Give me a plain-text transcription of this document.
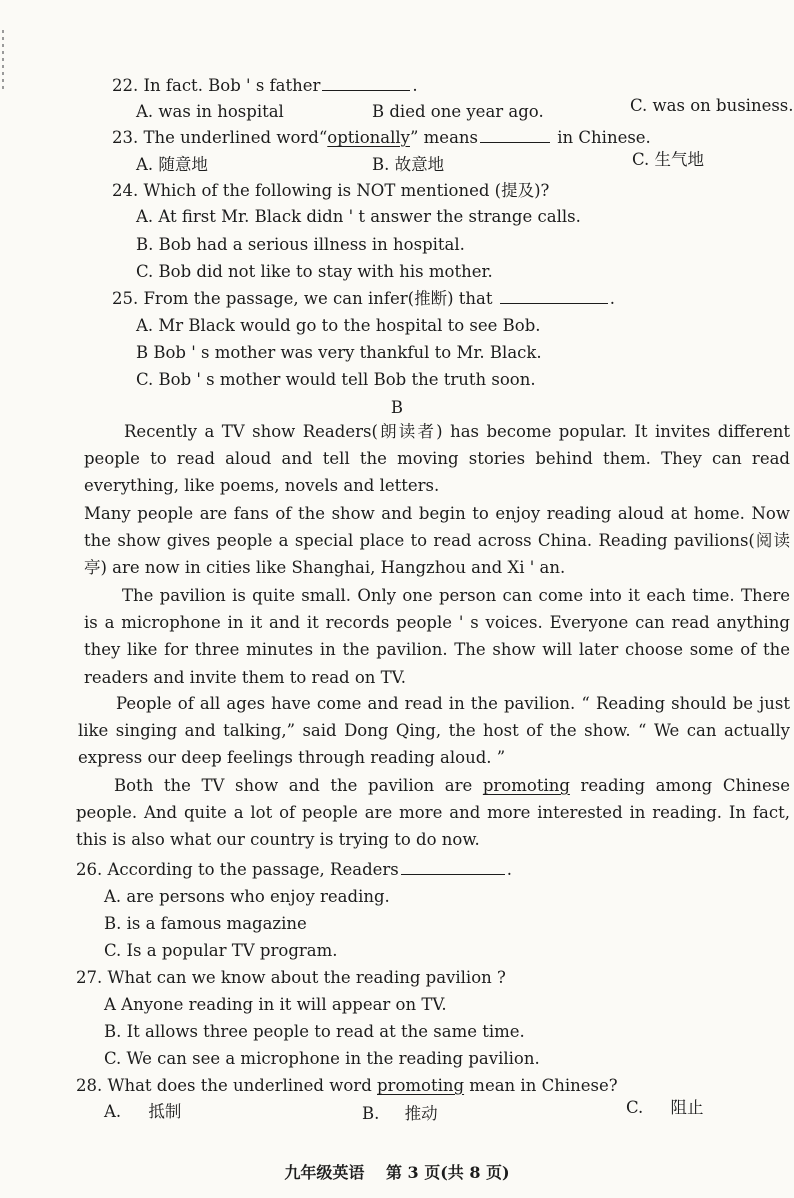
22. In fact. Bob ' s father	.
A. was in hospital	B died one year ago.	C. was on business.
23. The underlined word“optionally” means	in Chinese.
A. 随意地	B. 故意地	C. 生气地
24. Which of the following is NOT mentioned (提及)?
A. At first Mr. Black didn ' t answer the strange calls.
B. Bob had a serious illness in hospital.
C. Bob did not like to stay with his mother.
25. From the passage, we can infer(推断) that	.
A. Mr Black would go to the hospital to see Bob.
B Bob ' s mother was very thankful to Mr. Black.
C. Bob ' s mother would tell Bob the truth soon.
B
Recently a TV show Readers(朗读者) has become popular. It invites different people to read aloud and tell the moving stories behind them. They can read everything, like poems, novels and letters.
Many people are fans of the show and begin to enjoy reading aloud at home. Now the show gives people a special place to read across China. Reading pavilions(阅读亭) are now in cities like Shanghai, Hangzhou and Xi ' an.
The pavilion is quite small. Only one person can come into it each time. There is a microphone in it and it records people ' s voices. Everyone can read anything they like for three minutes in the pavilion. The show will later choose some of the readers and invite them to read on TV.
People of all ages have come and read in the pavilion. “ Reading should be just like singing and talking,” said Dong Qing, the host of the show. “ We can actually express our deep feelings through reading aloud. ”
Both the TV show and the pavilion are promoting reading among Chinese people. And quite a lot of people are more and more interested in reading. In fact, this is also what our country is trying to do now.
26. According to the passage, Readers	.
A. are persons who enjoy reading.
B. is a famous magazine
C. Is a popular TV program.
27. What can we know about the reading pavilion ?
A Anyone reading in it will appear on TV.
B. It allows three people to read at the same time.
C. We can see a microphone in the reading pavilion.
28. What does the underlined word promoting mean in Chinese?
A. 抵制	B. 推动	C. 阻止
九年级英语 第 3 页(共 8 页)
